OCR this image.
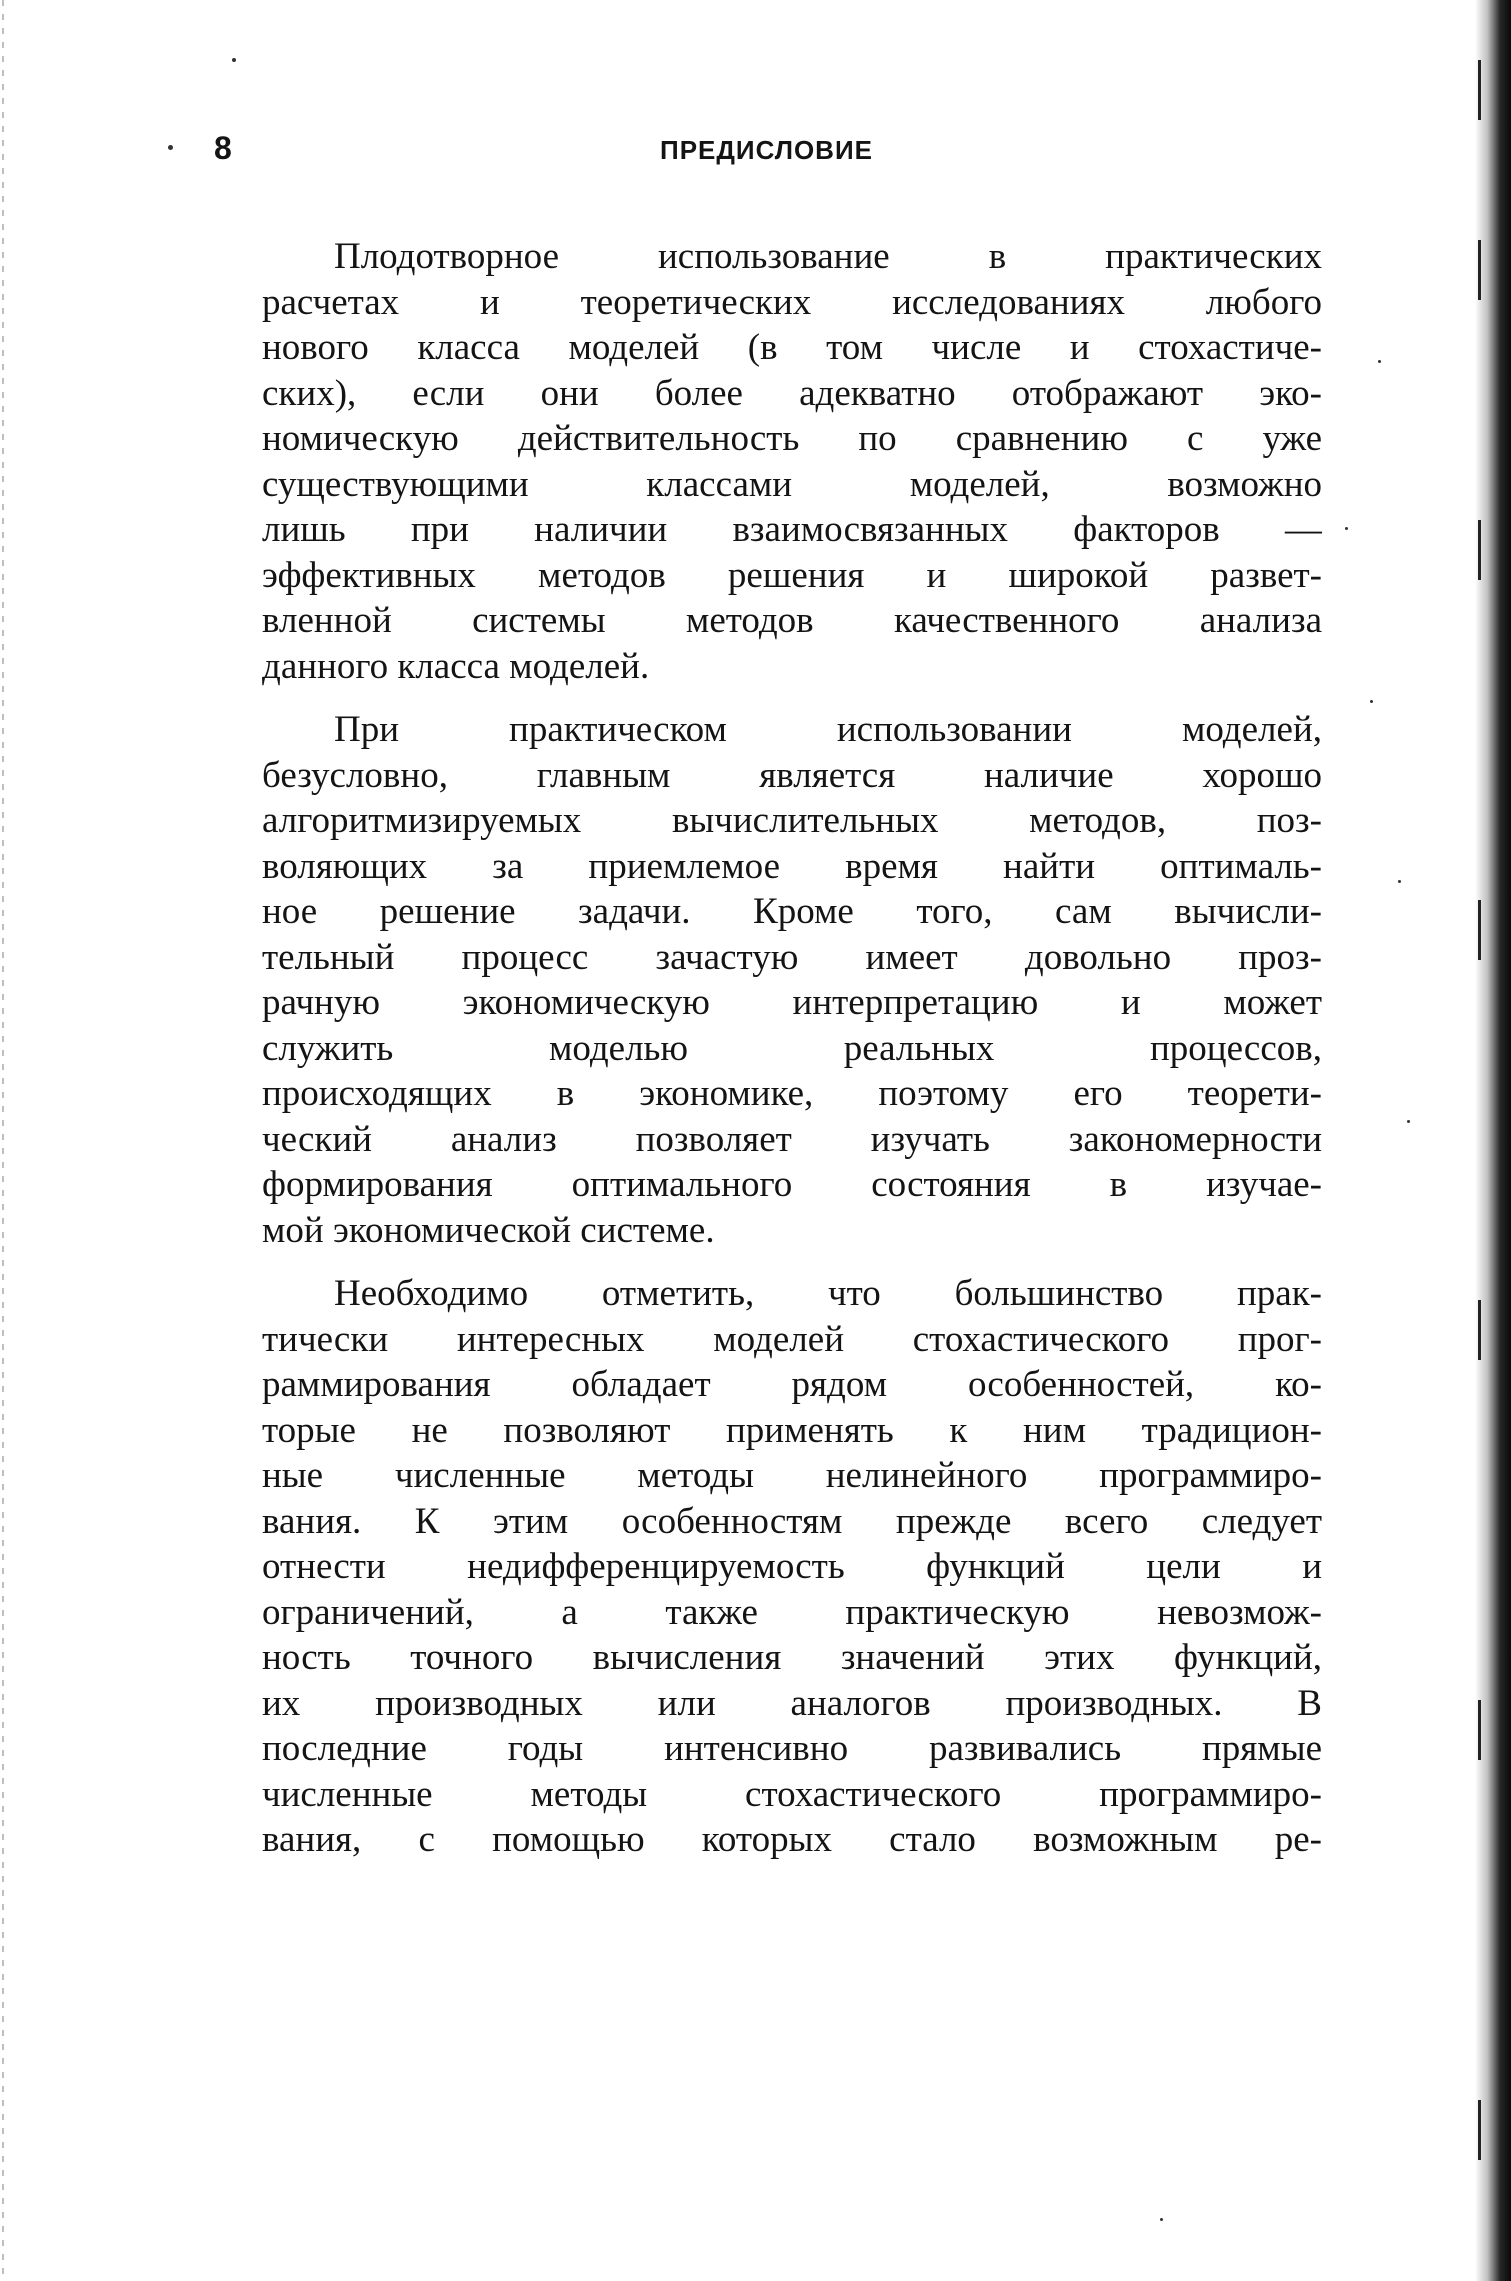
8	ПРЕДИСЛОВИЕ
Плодотворное использование в практических
расчетах и теоретических исследованиях любого
нового класса моделей (в том числе и стохастиче-
ских), если они более адекватно отображают эко-
номическую действительность по сравнению с уже
существующими классами моделей, возможно
лишь при наличии взаимосвязанных факторов —
эффективных методов решения и широкой развет-
вленной системы методов качественного анализа
данного класса моделей.
При практическом использовании моделей,
безусловно, главным является наличие хорошо
алгоритмизируемых вычислительных методов, поз-
воляющих за приемлемое время найти оптималь-
ное решение задачи. Кроме того, сам вычисли-
тельный процесс зачастую имеет довольно проз-
рачную экономическую интерпретацию и может
служить моделью реальных процессов,
происходящих в экономике, поэтому его теорети-
ческий анализ позволяет изучать закономерности
формирования оптимального состояния в изучае-
мой экономической системе.
Необходимо отметить, что большинство прак-
тически интересных моделей стохастического прог-
раммирования обладает рядом особенностей, ко-
торые не позволяют применять к ним традицион-
ные численные методы нелинейного программиро-
вания. К этим особенностям прежде всего следует
отнести недифференцируемость функций цели и
ограничений, а также практическую невозмож-
ность точного вычисления значений этих функций,
их производных или аналогов производных. В
последние годы интенсивно развивались прямые
численные методы стохастического программиро-
вания, с помощью которых стало возможным ре-
